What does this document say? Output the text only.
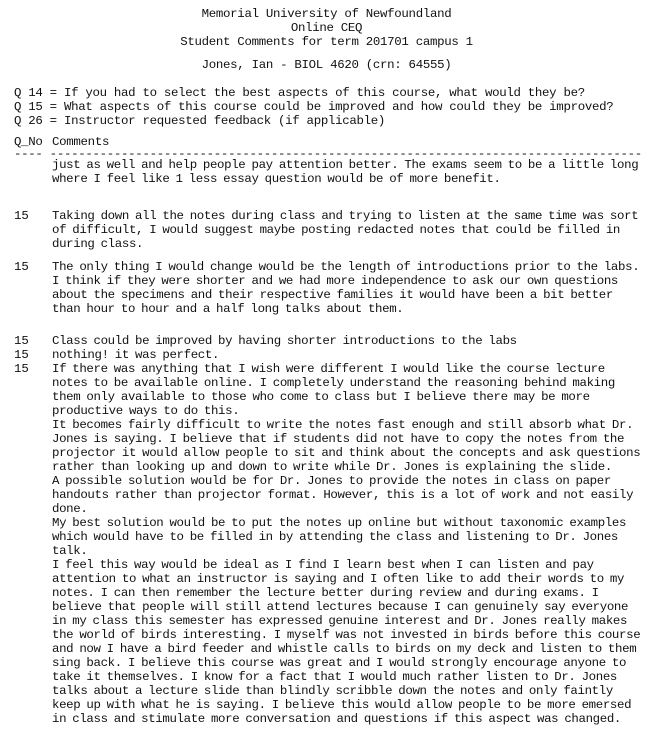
Memorial University of Newfoundland
Online CEQ
Student Comments for term 201701 campus 1
Jones, Ian - BIOL 4620 (crn: 64555)
Q 14 = If you had to select the best aspects of this course, what would they be?
Q 15 = What aspects of this course could be improved and how could they be improved?
Q 26 = Instructor requested feedback (if applicable)
Q_No Comments
---- -----------------------------------------------------------------------------------

just as well and help people pay attention better. The exams seem to be a little long where I feel like 1 less essay question would be of more benefit.

15 Taking down all the notes during class and trying to listen at the same time was sort of difficult, I would suggest maybe posting redacted notes that could be filled in during class.

15 The only thing I would change would be the length of introductions prior to the labs. I think if they were shorter and we had more independence to ask our own questions about the specimens and their respective families it would have been a bit better than hour to hour and a half long talks about them.

15 Class could be improved by having shorter introductions to the labs

15 nothing! it was perfect.

15 If there was anything that I wish were different I would like the course lecture notes to be available online. I completely understand the reasoning behind making them only available to those who come to class but I believe there may be more productive ways to do this.

It becomes fairly difficult to write the notes fast enough and still absorb what Dr. Jones is saying. I believe that if students did not have to copy the notes from the projector it would allow people to sit and think about the concepts and ask questions rather than looking up and down to write while Dr. Jones is explaining the slide.

A possible solution would be for Dr. Jones to provide the notes in class on paper handouts rather than projector format. However, this is a lot of work and not easily done.

My best solution would be to put the notes up online but without taxonomic examples which would have to be filled in by attending the class and listening to Dr. Jones talk.

I feel this way would be ideal as I find I learn best when I can listen and pay attention to what an instructor is saying and I often like to add their words to my notes. I can then remember the lecture better during review and during exams. I believe that people will still attend lectures because I can genuinely say everyone in my class this semester has expressed genuine interest and Dr. Jones really makes the world of birds interesting. I myself was not invested in birds before this course and now I have a bird feeder and whistle calls to birds on my deck and listen to them sing back. I believe this course was great and I would strongly encourage anyone to take it themselves. I know for a fact that I would much rather listen to Dr. Jones talks about a lecture slide than blindly scribble down the notes and only faintly keep up with what he is saying. I believe this would allow people to be more emersed in class and stimulate more conversation and questions if this aspect was changed.
